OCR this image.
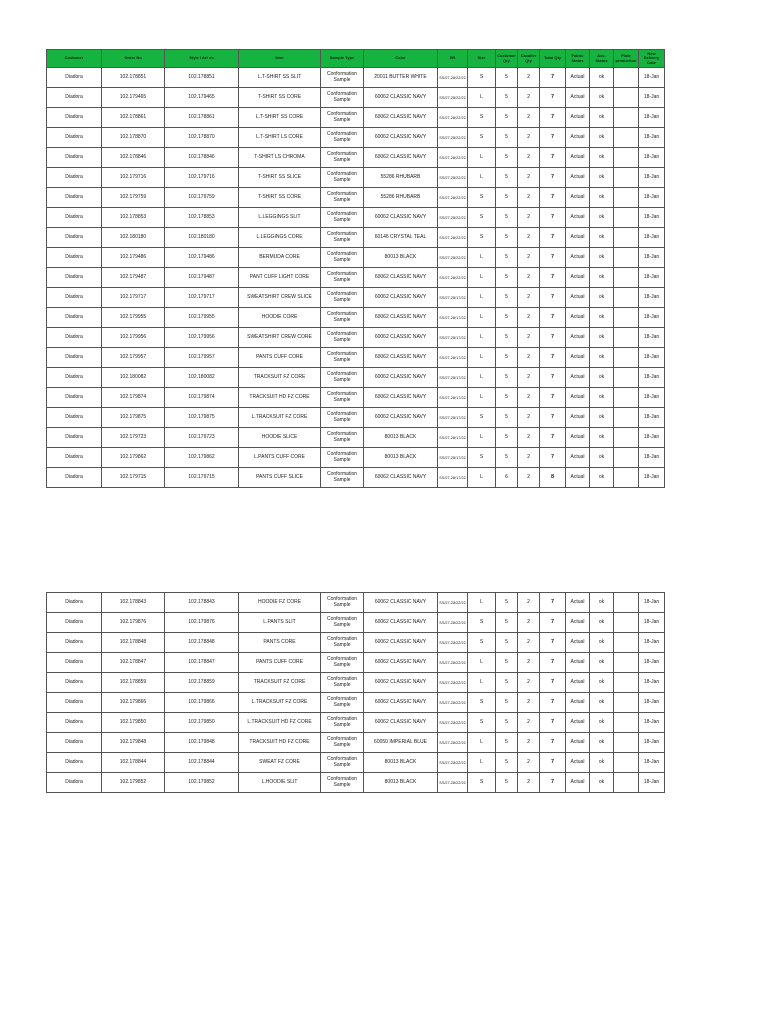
Customer	Order No	Style / Art no	Item	Sample Type	Color	SR	Size	Customer Qty	Cavalier Qty	Total Qty	Fabric Status	Acc. Status	Plate production	New Delivery Date
Diadora	102.178851	102.178851	L.T-SHIRT SS SLIT	Conformation Sample	20011 BUTTER WHITE	SS/27-28/22/22	S	5	2	7	Actual	ok		18-Jan
Diadora	102.179465	102.179465	T-SHIRT SS CORE	Conformation Sample	60062 CLASSIC NAVY	SS/27-28/22/22	L	5	2	7	Actual	ok		18-Jan
Diadora	102.178861	102.178861	L.T-SHIRT SS CORE	Conformation Sample	60062 CLASSIC NAVY	SS/27-28/22/22	S	5	2	7	Actual	ok		18-Jan
Diadora	102.178870	102.178870	L.T-SHIRT LS CORE	Conformation Sample	60062 CLASSIC NAVY	SS/27-28/22/22	S	5	2	7	Actual	ok		18-Jan
Diadora	102.178846	102.178846	T-SHIRT LS CHROMA	Conformation Sample	60062 CLASSIC NAVY	SS/27-28/22/22	L	5	2	7	Actual	ok		18-Jan
Diadora	102.179716	102.179716	T-SHIRT SS SLICE	Conformation Sample	55286 RHUBARB	SS/27-28/22/22	L	5	2	7	Actual	ok		18-Jan
Diadora	102.179759	102.179759	T-SHIRT SS CORE	Conformation Sample	55286 RHUBARB	SS/27-28/22/22	S	5	2	7	Actual	ok		18-Jan
Diadora	102.178853	102.178853	L.LEGGINGS SLIT	Conformation Sample	60062 CLASSIC NAVY	SS/27-28/22/22	S	5	2	7	Actual	ok		18-Jan
Diadora	102.180180	102.180180	L.LEGGINGS CORE	Conformation Sample	60146 CRYSTAL TEAL	SS/27-28/22/22	S	5	2	7	Actual	ok		18-Jan
Diadora	102.179486	102.179486	BERMUDA CORE	Conformation Sample	80013 BLACK	SS/27-28/22/22	L	5	2	7	Actual	ok		18-Jan
Diadora	102.179487	102.179487	PANT CUFF LIGHT CORE	Conformation Sample	60062 CLASSIC NAVY	SS/27-28/22/22	L	5	2	7	Actual	ok		18-Jan
Diadora	102.179717	102.179717	SWEATSHIRT CREW SLICE	Conformation Sample	60062 CLASSIC NAVY	SS/27-28/17/22	L	5	2	7	Actual	ok		18-Jan
Diadora	102.179955	102.179955	HOODIE CORE	Conformation Sample	60062 CLASSIC NAVY	SS/27-28/17/22	L	5	2	7	Actual	ok		18-Jan
Diadora	102.179956	102.179956	SWEATSHIRT CREW CORE	Conformation Sample	60062 CLASSIC NAVY	SS/27-28/17/22	L	5	2	7	Actual	ok		18-Jan
Diadora	102.179957	102.179957	PANTS CUFF CORE	Conformation Sample	60062 CLASSIC NAVY	SS/27-28/17/22	L	5	2	7	Actual	ok		18-Jan
Diadora	102.180082	102.180082	TRACKSUIT FZ CORE	Conformation Sample	60062 CLASSIC NAVY	SS/27-28/17/22	L	5	2	7	Actual	ok		18-Jan
Diadora	102.179874	102.179874	TRACKSUIT HD FZ CORE	Conformation Sample	60062 CLASSIC NAVY	SS/27-28/17/22	L	5	2	7	Actual	ok		18-Jan
Diadora	102.179875	102.179875	L.TRACKSUIT FZ CORE	Conformation Sample	60062 CLASSIC NAVY	SS/27-28/17/22	S	5	2	7	Actual	ok		18-Jan
Diadora	102.179723	102.179723	HOODIE SLICE	Conformation Sample	80013 BLACK	SS/27-28/17/22	L	5	2	7	Actual	ok		18-Jan
Diadora	102.179862	102.179862	L.PANTS CUFF CORE	Conformation Sample	80013 BLACK	SS/27-28/17/22	S	5	2	7	Actual	ok		18-Jan
Diadora	102.179715	102.179715	PANTS CUFF SLICE	Conformation Sample	60062 CLASSIC NAVY	SS/27-28/17/22	L	6	2	8	Actual	ok		18-Jan
Diadora	102.178843	102.178843	HOODIE FZ CORE	Conformation Sample	60062 CLASSIC NAVY	SS/27-28/22/22	L	5	2	7	Actual	ok		18-Jan
Diadora	102.179876	102.179876	L.PANTS SLIT	Conformation Sample	60062 CLASSIC NAVY	SS/27-28/22/22	S	5	2	7	Actual	ok		18-Jan
Diadora	102.178848	102.178848	PANTS CORE	Conformation Sample	60062 CLASSIC NAVY	SS/27-28/22/22	S	5	2	7	Actual	ok		18-Jan
Diadora	102.178847	102.178847	PANTS CUFF CORE	Conformation Sample	60062 CLASSIC NAVY	SS/27-28/22/22	L	5	2	7	Actual	ok		18-Jan
Diadora	102.178859	102.178859	TRACKSUIT FZ CORE	Conformation Sample	60062 CLASSIC NAVY	SS/27-28/22/22	L	5	2	7	Actual	ok		18-Jan
Diadora	102.179866	102.179866	L.TRACKSUIT FZ CORE	Conformation Sample	60062 CLASSIC NAVY	SS/27-28/22/22	S	5	2	7	Actual	ok		18-Jan
Diadora	102.179850	102.179850	L.TRACKSUIT HD FZ CORE	Conformation Sample	60062 CLASSIC NAVY	SS/27-28/22/22	S	5	2	7	Actual	ok		18-Jan
Diadora	102.179848	102.179848	TRACKSUIT HD FZ CORE	Conformation Sample	60050 IMPERIAL BLUE	SS/27-28/22/22	L	5	2	7	Actual	ok		18-Jan
Diadora	102.178844	102.178844	SWEAT FZ CORE	Conformation Sample	80013 BLACK	SS/27-28/22/22	L	5	2	7	Actual	ok		18-Jan
Diadora	102.179852	102.179852	L.HOODIE SLIT	Conformation Sample	80013 BLACK	SS/27-28/22/22	S	5	2	7	Actual	ok		18-Jan
